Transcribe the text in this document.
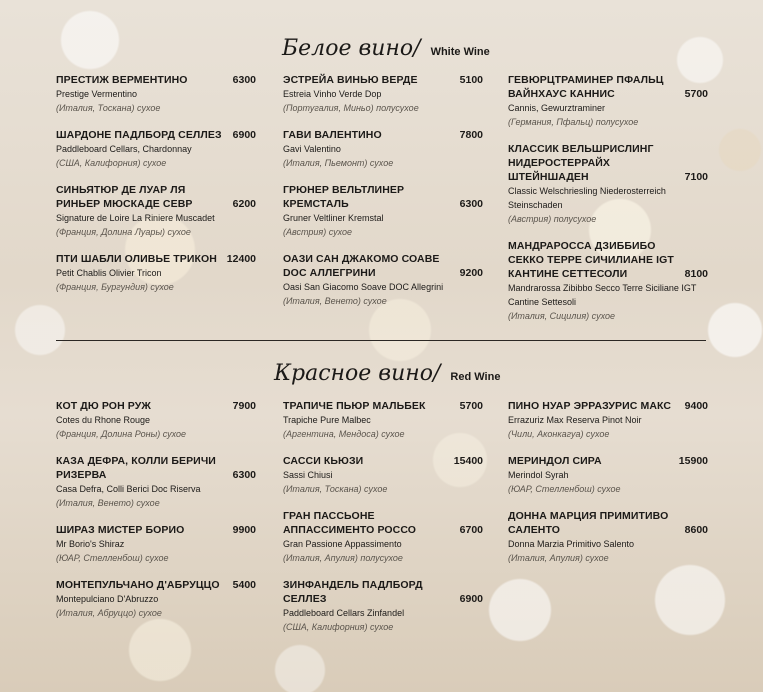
Белое вино/ White Wine
ПРЕСТИЖ ВЕРМЕНТИНО	6300
Prestige Vermentino
(Италия, Тоскана) сухое
ШАРДОНЕ ПАДЛБОРД СЕЛЛЕЗ 6900
Paddleboard Cellars, Chardonnay
(США, Калифорния) сухое
СИНЬЯТЮР ДЕ ЛУАР ЛЯ РИНЬЕР МЮСКАДЕ СЕВР	6200
Signature de Loire La Riniere Muscadet
(Франция, Долина Луары) сухое
ПТИ ШАБЛИ ОЛИВЬЕ ТРИКОН 12400
Petit Chablis Olivier Tricon
(Франция, Бургундия) сухое
ЭСТРЕЙА ВИНЬЮ ВЕРДЕ	5100
Estreia Vinho Verde Dop
(Португалия, Миньо) полусухое
ГАВИ ВАЛЕНТИНО	7800
Gavi Valentino
(Италия, Пьемонт) сухое
ГРЮНЕР ВЕЛЬТЛИНЕР КРЕМСТАЛЬ	6300
Gruner Veltliner Kremstal
(Австрия) сухое
ОАЗИ САН ДЖАКОМО СОАВЕ DOC АЛЛЕГРИНИ	9200
Oasi San Giacomo Soave DOC Allegrini
(Италия, Венето) сухое
ГЕВЮРЦТРАМИНЕР ПФАЛЬЦ ВАЙНХАУС КАННИС	5700
Cannis, Gewurztraminer
(Германия, Пфальц) полусухое
КЛАССИК ВЕЛЬШРИСЛИНГ НИДЕРОСТЕРРАЙХ ШТЕЙНШАДЕН	7100
Classic Welschriesling Niederosterreich Steinschaden
(Австрия) полусухое
МАНДРАРОССА ДЗИББИБО СЕККО ТЕРРЕ СИЧИЛИАНЕ IGT КАНТИНЕ СЕТТЕСОЛИ	8100
Mandrarossa Zibibbo Secco Terre Siciliane IGT Cantine Settesoli
(Италия, Сицилия) сухое
Красное вино/ Red Wine
КОТ ДЮ РОН РУЖ	7900
Cotes du Rhone Rouge
(Франция, Долина Роны) сухое
КАЗА ДЕФРА, КОЛЛИ БЕРИЧИ РИЗЕРВА	6300
Casa Defra, Colli Berici Doc Riserva
(Италия, Венето) сухое
ШИРАЗ МИСТЕР БОРИО	9900
Mr Borio's Shiraz
(ЮАР, Стелленбош) сухое
МОНТЕПУЛЬЧАНО Д'АБРУЦЦО 5400
Montepulciano D'Abruzzo
(Италия, Абруццо) сухое
ТРАПИЧЕ ПЬЮР МАЛЬБЕК	5700
Trapiche Pure Malbec
(Аргентина, Мендоса) сухое
САССИ КЬЮЗИ	15400
Sassi Chiusi
(Италия, Тоскана) сухое
ГРАН ПАССЬОНЕ АППАССИМЕНТО РОССО	6700
Gran Passione Appassimento
(Италия, Апулия) полусухое
ЗИНФАНДЕЛЬ ПАДЛБОРД СЕЛЛЕЗ	6900
Paddleboard Cellars Zinfandel
(США, Калифорния) сухое
ПИНО НУАР ЭРРАЗУРИС МАКС 9400
Errazuriz Max Reserva Pinot Noir
(Чили, Аконкагуа) сухое
МЕРИНДОЛ СИРА	15900
Merindol Syrah
(ЮАР, Стелленбош) сухое
ДОННА МАРЦИЯ ПРИМИТИВО САЛЕНТО	8600
Donna Marzia Primitivo Salento
(Италия, Апулия) сухое
